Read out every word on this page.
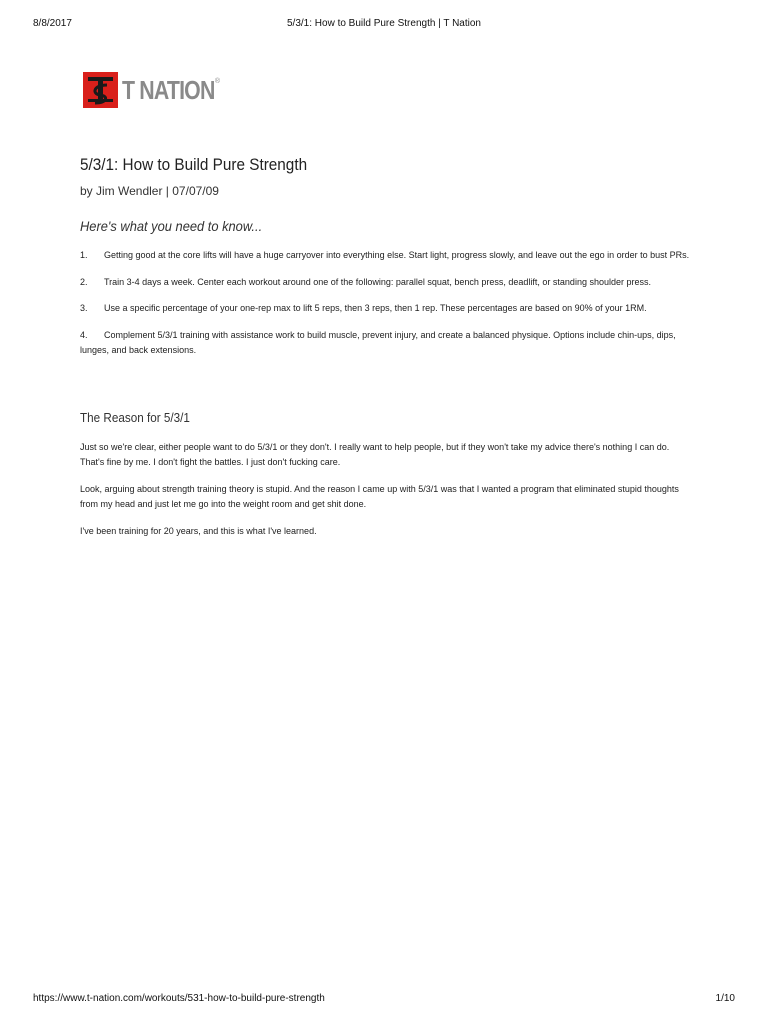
8/8/2017	5/3/1: How to Build Pure Strength | T Nation
T NATION ®
5/3/1: How to Build Pure Strength
by Jim Wendler | 07/07/09
Here's what you need to know...
1. Getting good at the core lifts will have a huge carryover into everything else. Start light, progress slowly, and leave out the ego in order to bust PRs.
2. Train 3-4 days a week. Center each workout around one of the following: parallel squat, bench press, deadlift, or standing shoulder press.
3. Use a specific percentage of your one-rep max to lift 5 reps, then 3 reps, then 1 rep. These percentages are based on 90% of your 1RM.
4. Complement 5/3/1 training with assistance work to build muscle, prevent injury, and create a balanced physique. Options include chin-ups, dips, lunges, and back extensions.
The Reason for 5/3/1

Just so we're clear, either people want to do 5/3/1 or they don't. I really want to help people, but if they won't take my advice there's nothing I can do. That's fine by me. I don't fight the battles. I just don't fucking care.

Look, arguing about strength training theory is stupid. And the reason I came up with 5/3/1 was that I wanted a program that eliminated stupid thoughts from my head and just let me go into the weight room and get shit done.

I've been training for 20 years, and this is what I've learned.

https://www.t-nation.com/workouts/531-how-to-build-pure-strength	1/10
